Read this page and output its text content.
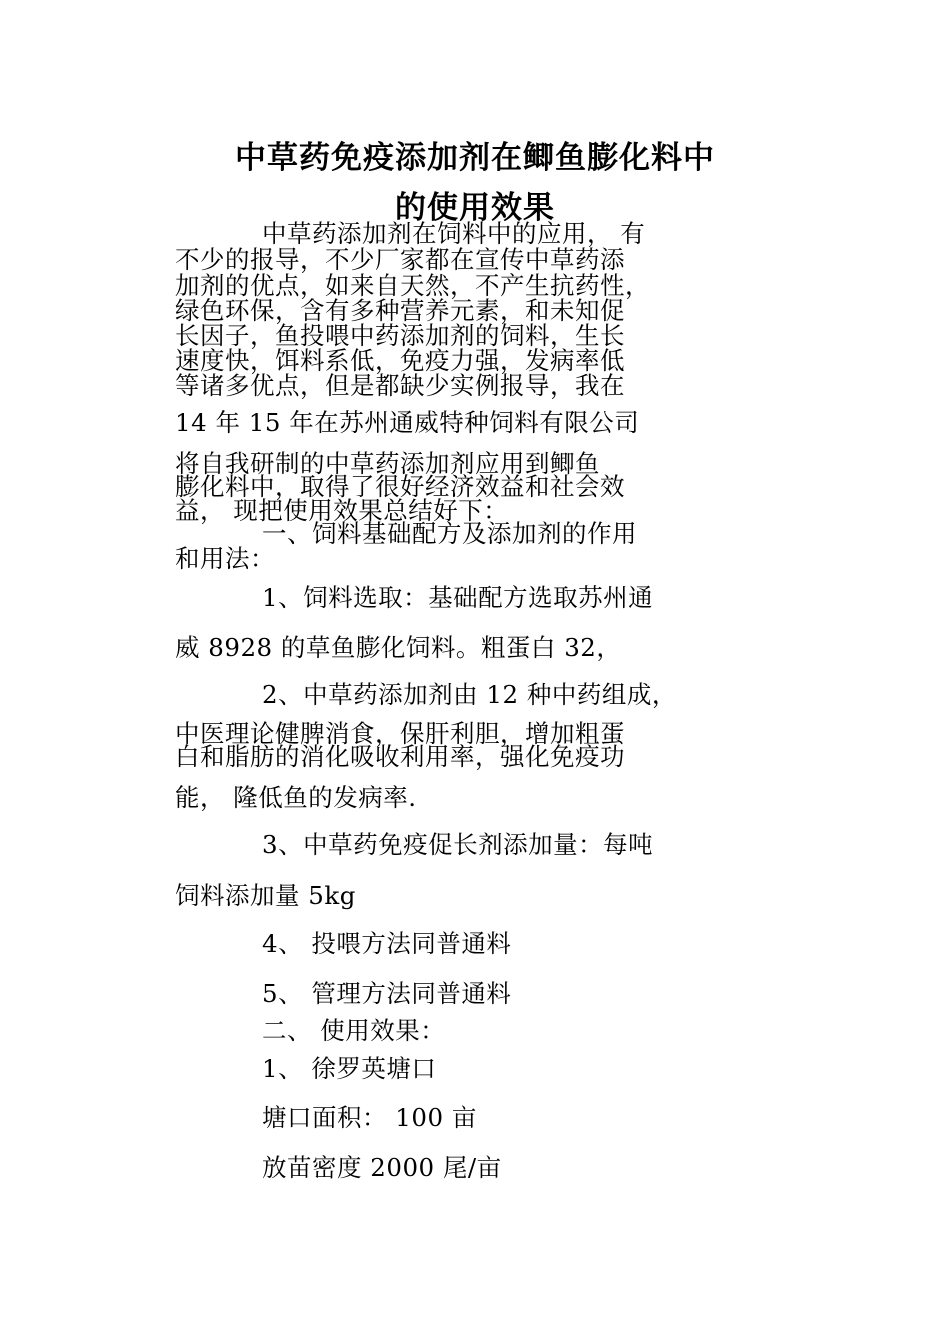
中草药免疫添加剂在鲫鱼膨化料中
的使用效果
中草药添加剂在饲料中的应用， 有
不少的报导，不少厂家都在宣传中草药添
加剂的优点，如来自天然，不产生抗药性，
绿色环保，含有多种营养元素，和未知促
长因子，鱼投喂中药添加剂的饲料，生长
速度快，饵料系低，免疫力强，发病率低
等诸多优点，但是都缺少实例报导，我在
14 年 15 年在苏州通威特种饲料有限公司
将自我研制的中草药添加剂应用到鲫鱼
膨化料中，取得了很好经济效益和社会效
益， 现把使用效果总结好下：
一、饲料基础配方及添加剂的作用
和用法：
1、饲料选取：基础配方选取苏州通
威 8928 的草鱼膨化饲料。粗蛋白 32，
2、中草药添加剂由 12 种中药组成，
中医理论健脾消食，保肝利胆，增加粗蛋
白和脂肪的消化吸收利用率，强化免疫功
能， 隆低鱼的发病率.
3、中草药免疫促长剂添加量：每吨
饲料添加量 5kg
4、 投喂方法同普通料
5、 管理方法同普通料
二、 使用效果：
1、 徐罗英塘口
塘口面积： 100 亩
放苗密度 2000 尾/亩
